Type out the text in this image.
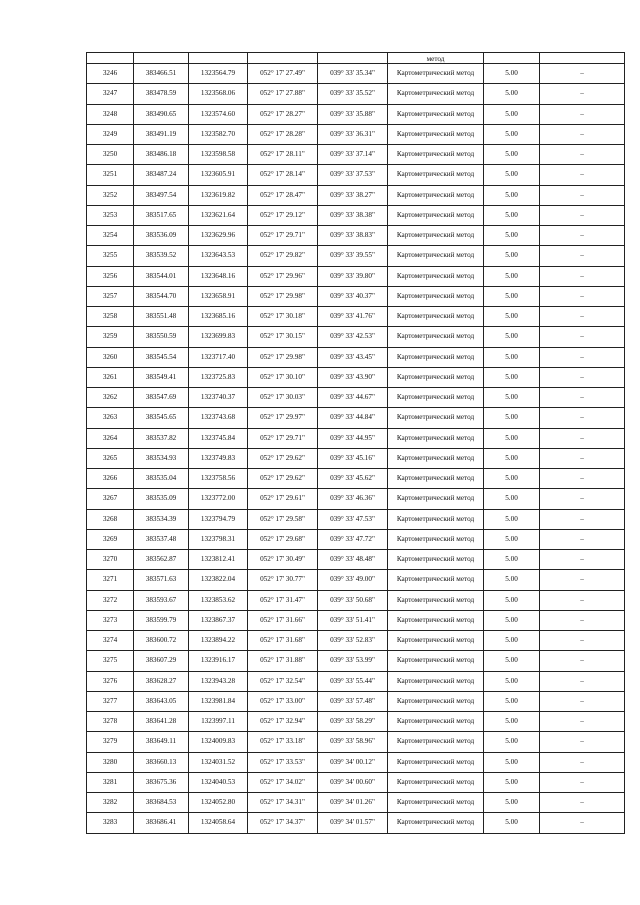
					метод		
3246	383466.51	1323564.79	052° 17' 27.49"	039° 33' 35.34"	Картометрический метод	5.00	–
3247	383478.59	1323568.06	052° 17' 27.88"	039° 33' 35.52"	Картометрический метод	5.00	–
3248	383490.65	1323574.60	052° 17' 28.27"	039° 33' 35.88"	Картометрический метод	5.00	–
3249	383491.19	1323582.70	052° 17' 28.28"	039° 33' 36.31"	Картометрический метод	5.00	–
3250	383486.18	1323598.58	052° 17' 28.11"	039° 33' 37.14"	Картометрический метод	5.00	–
3251	383487.24	1323605.91	052° 17' 28.14"	039° 33' 37.53"	Картометрический метод	5.00	–
3252	383497.54	1323619.82	052° 17' 28.47"	039° 33' 38.27"	Картометрический метод	5.00	–
3253	383517.65	1323621.64	052° 17' 29.12"	039° 33' 38.38"	Картометрический метод	5.00	–
3254	383536.09	1323629.96	052° 17' 29.71"	039° 33' 38.83"	Картометрический метод	5.00	–
3255	383539.52	1323643.53	052° 17' 29.82"	039° 33' 39.55"	Картометрический метод	5.00	–
3256	383544.01	1323648.16	052° 17' 29.96"	039° 33' 39.80"	Картометрический метод	5.00	–
3257	383544.70	1323658.91	052° 17' 29.98"	039° 33' 40.37"	Картометрический метод	5.00	–
3258	383551.48	1323685.16	052° 17' 30.18"	039° 33' 41.76"	Картометрический метод	5.00	–
3259	383550.59	1323699.83	052° 17' 30.15"	039° 33' 42.53"	Картометрический метод	5.00	–
3260	383545.54	1323717.40	052° 17' 29.98"	039° 33' 43.45"	Картометрический метод	5.00	–
3261	383549.41	1323725.83	052° 17' 30.10"	039° 33' 43.90"	Картометрический метод	5.00	–
3262	383547.69	1323740.37	052° 17' 30.03"	039° 33' 44.67"	Картометрический метод	5.00	–
3263	383545.65	1323743.68	052° 17' 29.97"	039° 33' 44.84"	Картометрический метод	5.00	–
3264	383537.82	1323745.84	052° 17' 29.71"	039° 33' 44.95"	Картометрический метод	5.00	–
3265	383534.93	1323749.83	052° 17' 29.62"	039° 33' 45.16"	Картометрический метод	5.00	–
3266	383535.04	1323758.56	052° 17' 29.62"	039° 33' 45.62"	Картометрический метод	5.00	–
3267	383535.09	1323772.00	052° 17' 29.61"	039° 33' 46.36"	Картометрический метод	5.00	–
3268	383534.39	1323794.79	052° 17' 29.58"	039° 33' 47.53"	Картометрический метод	5.00	–
3269	383537.48	1323798.31	052° 17' 29.68"	039° 33' 47.72"	Картометрический метод	5.00	–
3270	383562.87	1323812.41	052° 17' 30.49"	039° 33' 48.48"	Картометрический метод	5.00	–
3271	383571.63	1323822.04	052° 17' 30.77"	039° 33' 49.00"	Картометрический метод	5.00	–
3272	383593.67	1323853.62	052° 17' 31.47"	039° 33' 50.68"	Картометрический метод	5.00	–
3273	383599.79	1323867.37	052° 17' 31.66"	039° 33' 51.41"	Картометрический метод	5.00	–
3274	383600.72	1323894.22	052° 17' 31.68"	039° 33' 52.83"	Картометрический метод	5.00	–
3275	383607.29	1323916.17	052° 17' 31.88"	039° 33' 53.99"	Картометрический метод	5.00	–
3276	383628.27	1323943.28	052° 17' 32.54"	039° 33' 55.44"	Картометрический метод	5.00	–
3277	383643.05	1323981.84	052° 17' 33.00"	039° 33' 57.48"	Картометрический метод	5.00	–
3278	383641.28	1323997.11	052° 17' 32.94"	039° 33' 58.29"	Картометрический метод	5.00	–
3279	383649.11	1324009.83	052° 17' 33.18"	039° 33' 58.96"	Картометрический метод	5.00	–
3280	383660.13	1324031.52	052° 17' 33.53"	039° 34' 00.12"	Картометрический метод	5.00	–
3281	383675.36	1324040.53	052° 17' 34.02"	039° 34' 00.60"	Картометрический метод	5.00	–
3282	383684.53	1324052.80	052° 17' 34.31"	039° 34' 01.26"	Картометрический метод	5.00	–
3283	383686.41	1324058.64	052° 17' 34.37"	039° 34' 01.57"	Картометрический метод	5.00	–
